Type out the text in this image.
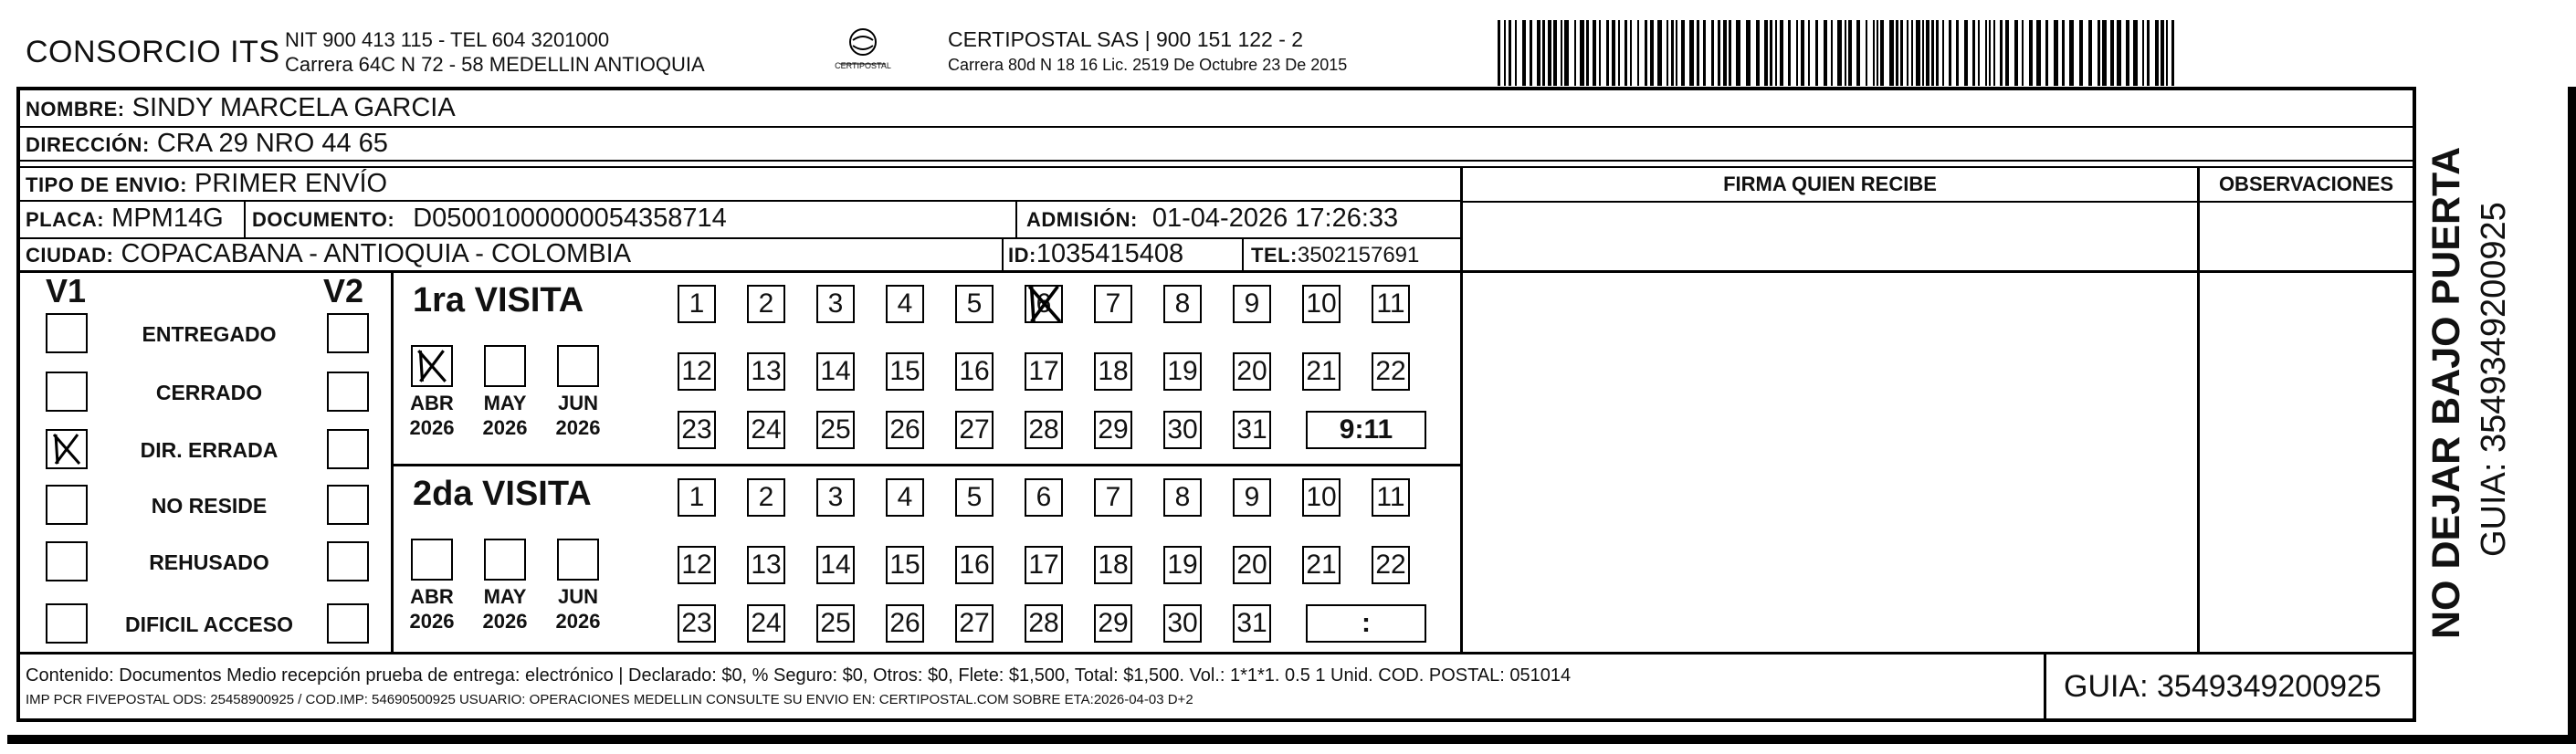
CONSORCIO ITS NIT 900 413 115 - TEL 604 3201000
Carrera 64C N 72 - 58 MEDELLIN ANTIOQUIA	CERTIPOSTAL
CERTIPOSTAL SAS | 900 151 122 - 2
Carrera 80d N 18 16 Lic. 2519 De Octubre 23 De 2015
NOMBRE: SINDY MARCELA GARCIA
DIRECCIÓN: CRA 29 NRO 44 65
TIPO DE ENVIO: PRIMER ENVÍO
PLACA: MPM14G DOCUMENTO: D05001000000054358714	ADMISIÓN: 01-04-2026 17:26:33
CIUDAD: COPACABANA - ANTIOQUIA - COLOMBIA	ID:1035415408	TEL:3502157691
FIRMA QUIEN RECIBE	OBSERVACIONES
V1	V2
ENTREGADO
CERRADO
DIR. ERRADA
NO RESIDE
REHUSADO
DIFICIL ACCESO
1ra VISITA
ABR
2026
MAY
2026
JUN
2026
1	2	3	4	5	6	7	8	9	10 11
12 13 14 15 16 17 18 19 20 21 22
23 24 25 26 27 28 29 30 31	9:11
2da VISITA
ABR
2026
MAY
2026
JUN
2026
1	2	3	4	5	6	7	8	9	10 11
12 13 14 15 16 17 18 19 20 21 22
23 24 25 26 27 28 29 30 31	:
Contenido: Documentos Medio recepción prueba de entrega: electrónico | Declarado: $0, % Seguro: $0, Otros: $0, Flete: $1,500, Total: $1,500. Vol.: 1*1*1. 0.5 1 Unid. COD. POSTAL: 051014
IMP PCR FIVEPOSTAL ODS: 25458900925 / COD.IMP: 54690500925 USUARIO: OPERACIONES MEDELLIN CONSULTE SU ENVIO EN: CERTIPOSTAL.COM SOBRE ETA:2026-04-03 D+2	GUIA: 3549349200925
NO DEJAR BAJO PUERTA GUIA: 3549349200925
